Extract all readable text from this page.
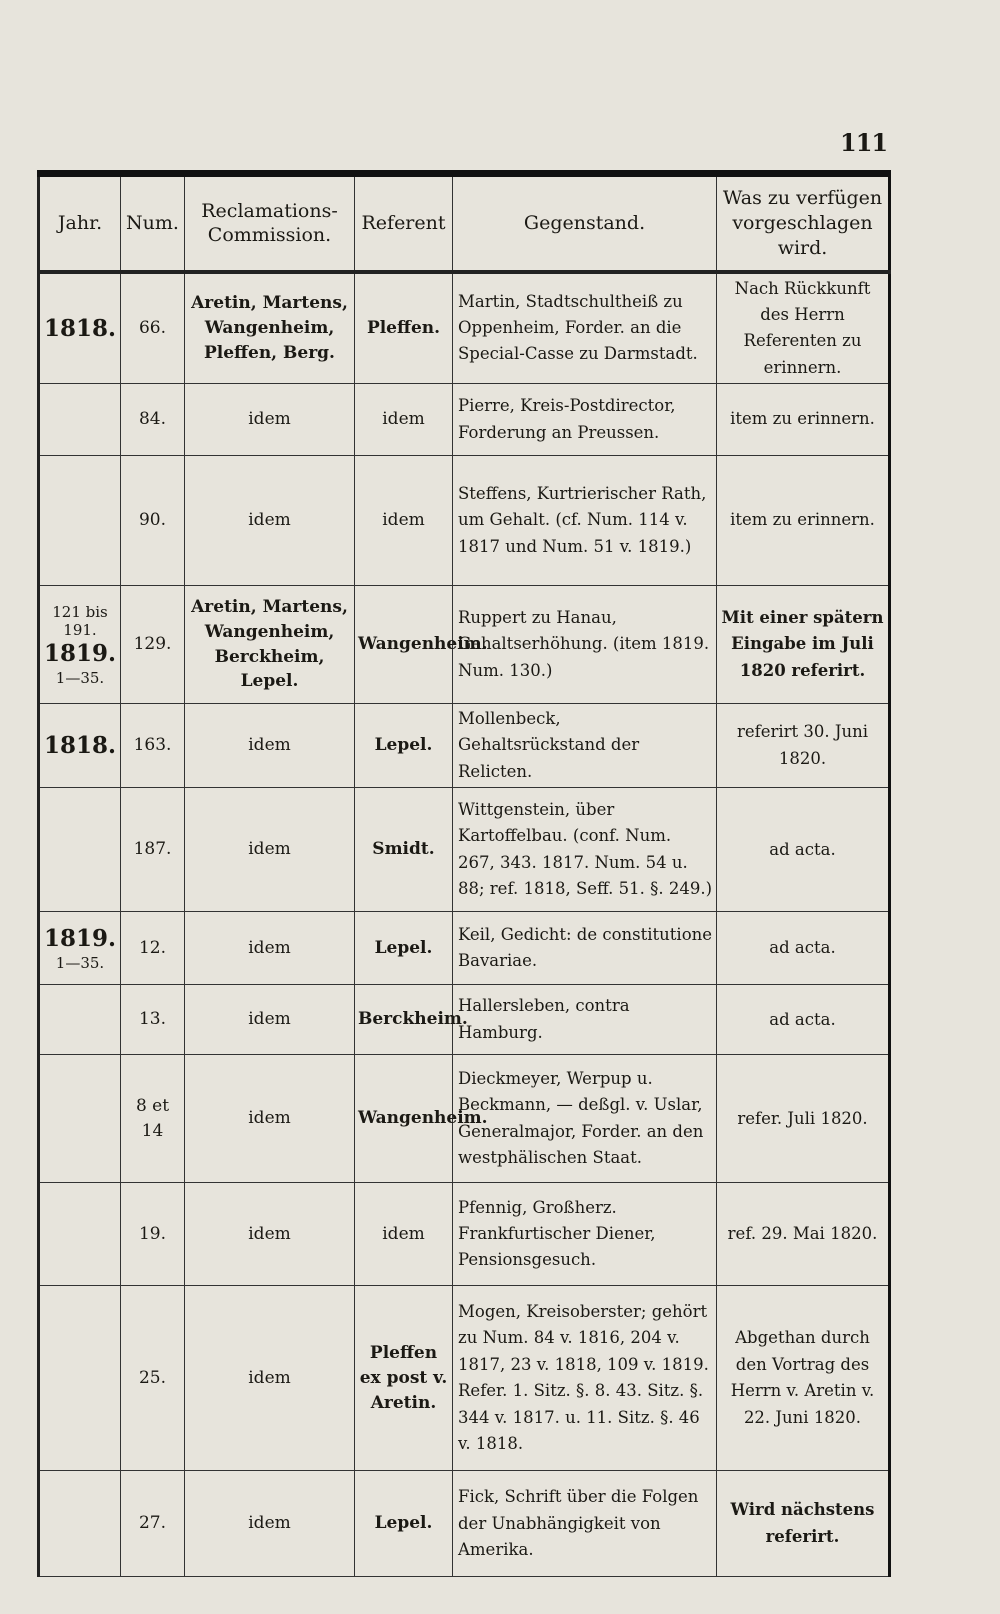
111
Jahr.	Num.	Reclamations-Commission.	Referent	Gegenstand.	Was zu verfügen vorgeschlagen wird.
1818.	66.	Aretin, Martens, Wangenheim, Pleffen, Berg.	Pleffen.	Martin, Stadtschultheiß zu Oppenheim, Forder. an die Special-Casse zu Darmstadt.	Nach Rückkunft des Herrn Referenten zu erinnern.
	84.	idem	idem	Pierre, Kreis-Postdirector, Forderung an Preussen.	item zu erinnern.
	90.	idem	idem	Steffens, Kurtrierischer Rath, um Gehalt. (cf. Num. 114 v. 1817 und Num. 51 v. 1819.)	item zu erinnern.

121 bis
191.
1819.
1—35.	129.	Aretin, Martens, Wangenheim, Berckheim, Lepel.	Wangenheim.	Ruppert zu Hanau, Gehaltserhöhung. (item 1819. Num. 130.)	Mit einer spätern Eingabe im Juli 1820 referirt.
1818.	163.	idem	Lepel.	Mollenbeck, Gehaltsrückstand der Relicten.	referirt 30. Juni 1820.
	187.	idem	Smidt.	Wittgenstein, über Kartoffelbau. (conf. Num. 267, 343. 1817. Num. 54 u. 88; ref. 1818, Seff. 51. §. 249.)	ad acta.

1819.
1—35.	12.	idem	Lepel.	Keil, Gedicht: de constitutione Bavariae.	ad acta.
	13.	idem	Berckheim.	Hallersleben, contra Hamburg.	ad acta.
	8 et 14	idem	Wangenheim.	Dieckmeyer, Werpup u. Beckmann, — deßgl. v. Uslar, Generalmajor, Forder. an den westphälischen Staat.	refer. Juli 1820.
	19.	idem	idem	Pfennig, Großherz. Frankfurtischer Diener, Pensionsgesuch.	ref. 29. Mai 1820.
	25.	idem	Pleffen ex post v. Aretin.	Mogen, Kreisoberster; gehört zu Num. 84 v. 1816, 204 v. 1817, 23 v. 1818, 109 v. 1819. Refer. 1. Sitz. §. 8. 43. Sitz. §. 344 v. 1817. u. 11. Sitz. §. 46 v. 1818.	Abgethan durch den Vortrag des Herrn v. Aretin v. 22. Juni 1820.
	27.	idem	Lepel.	Fick, Schrift über die Folgen der Unabhängigkeit von Amerika.	Wird nächstens referirt.
